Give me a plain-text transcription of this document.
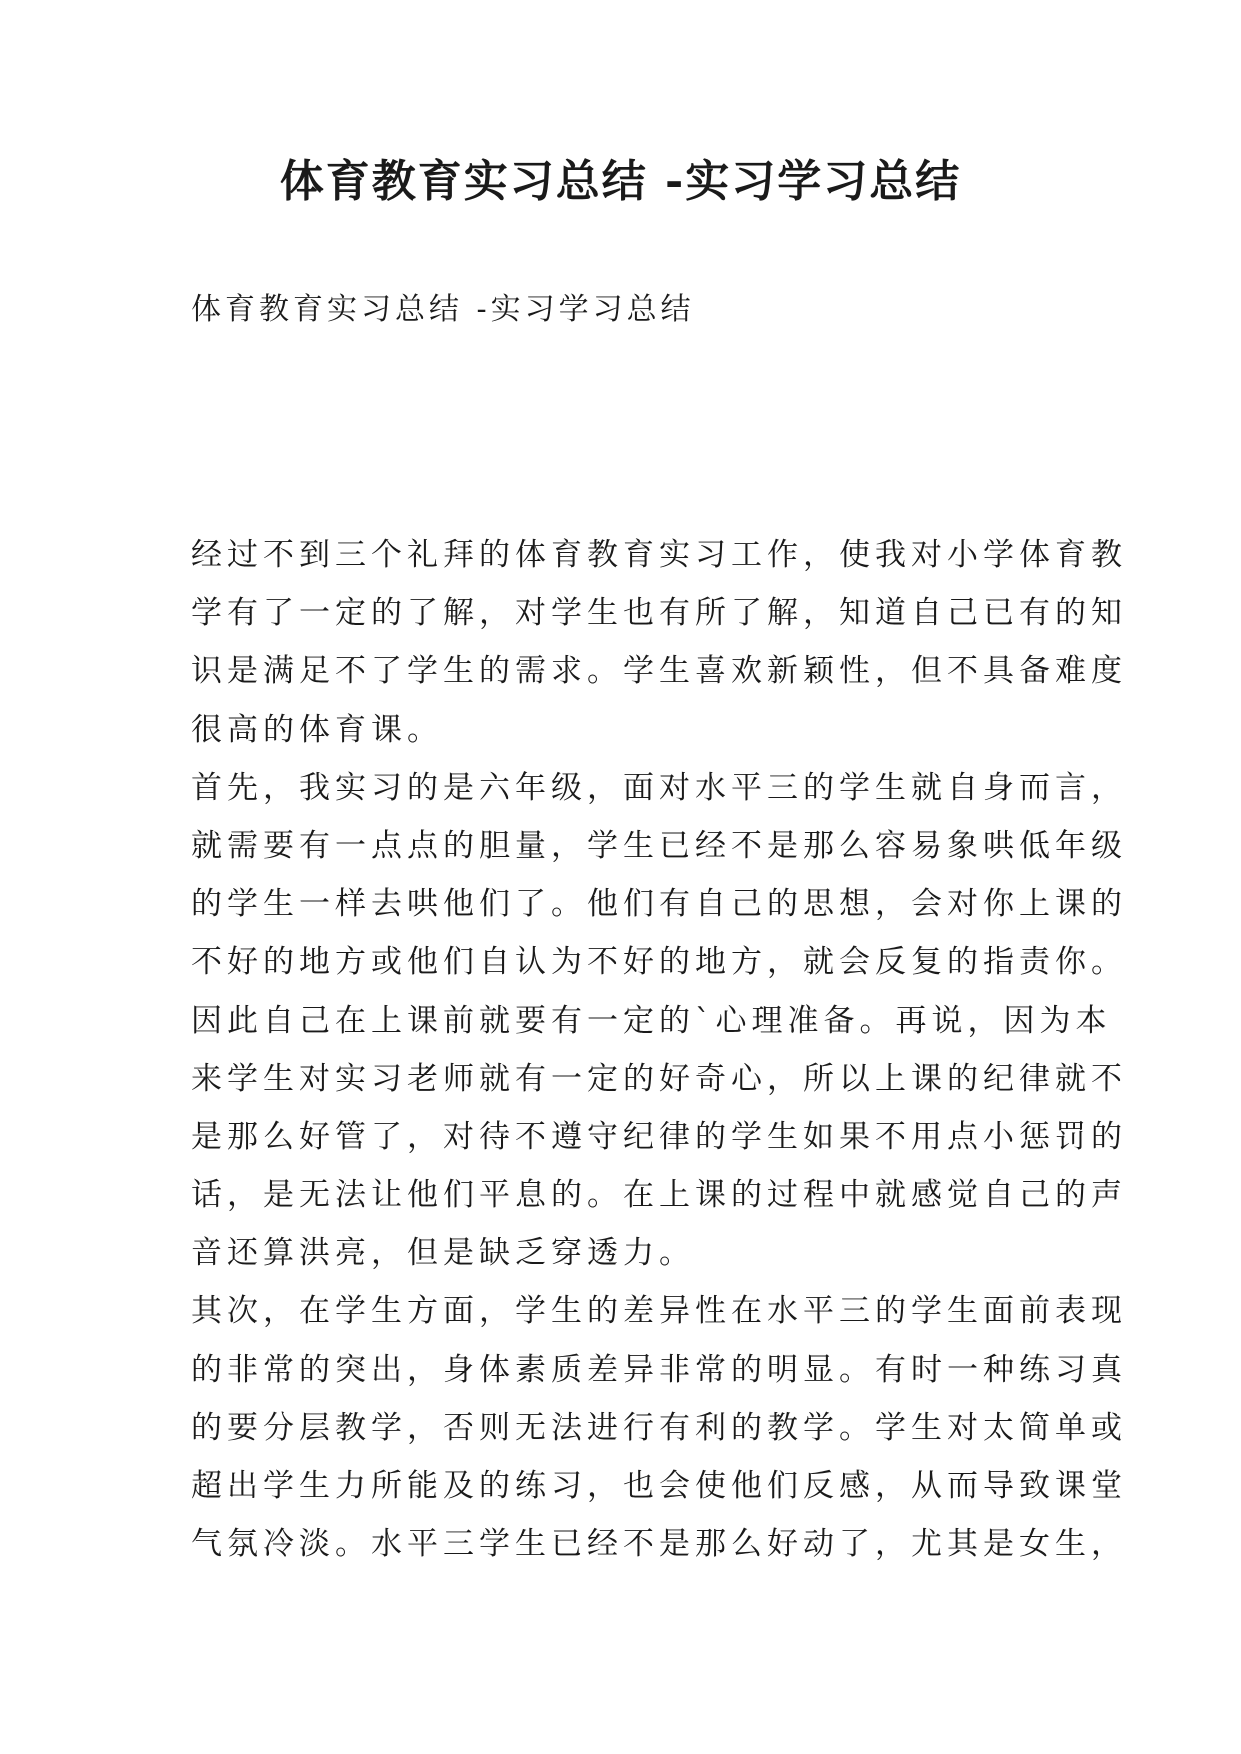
体育教育实习总结 -实习学习总结

体育教育实习总结 -实习学习总结

经过不到三个礼拜的体育教育实习工作，使我对小学体育教
学有了一定的了解，对学生也有所了解，知道自己已有的知
识是满足不了学生的需求。学生喜欢新颖性，但不具备难度
很高的体育课。
首先，我实习的是六年级，面对水平三的学生就自身而言，
就需要有一点点的胆量，学生已经不是那么容易象哄低年级
的学生一样去哄他们了。他们有自己的思想，会对你上课的
不好的地方或他们自认为不好的地方，就会反复的指责你。
因此自己在上课前就要有一定的`心理准备。再说，因为本
来学生对实习老师就有一定的好奇心，所以上课的纪律就不
是那么好管了，对待不遵守纪律的学生如果不用点小惩罚的
话，是无法让他们平息的。在上课的过程中就感觉自己的声
音还算洪亮，但是缺乏穿透力。
其次，在学生方面，学生的差异性在水平三的学生面前表现
的非常的突出，身体素质差异非常的明显。有时一种练习真
的要分层教学，否则无法进行有利的教学。学生对太简单或
超出学生力所能及的练习，也会使他们反感，从而导致课堂
气氛冷淡。水平三学生已经不是那么好动了，尤其是女生，
